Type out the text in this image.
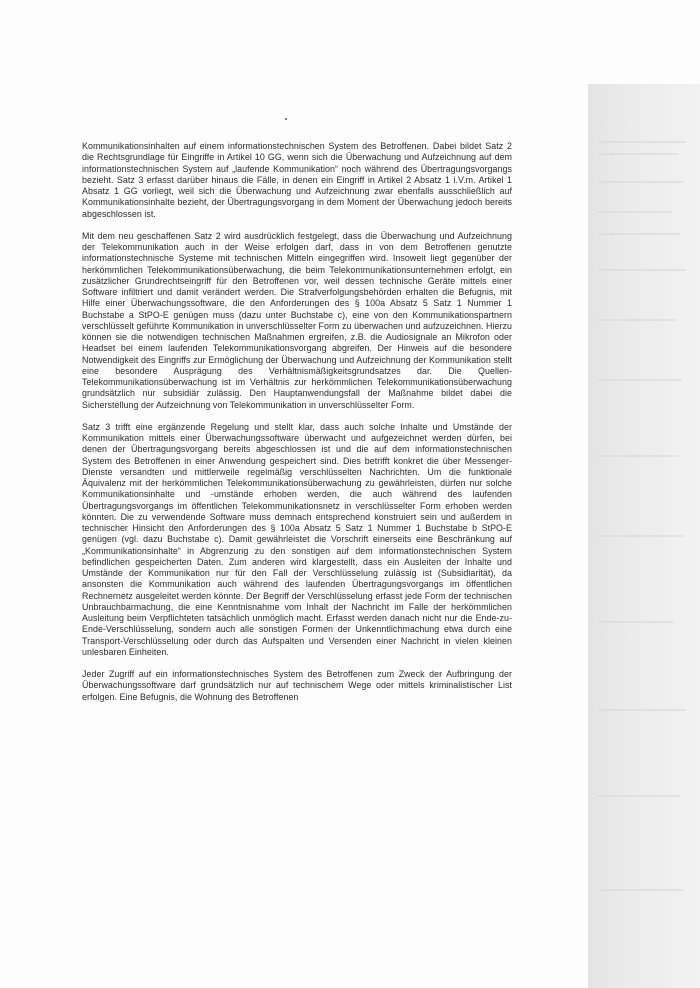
Kommunikationsinhalten auf einem informationstechnischen System des Betroffenen. Dabei bildet Satz 2 die Rechtsgrundlage für Eingriffe in Artikel 10 GG, wenn sich die Überwachung und Aufzeichnung auf dem informationstechnischen System auf „laufende Kommunikation“ noch während des Übertragungsvorgangs bezieht. Satz 3 erfasst darüber hinaus die Fälle, in denen ein Eingriff in Artikel 2 Absatz 1 i.V.m. Artikel 1 Absatz 1 GG vorliegt, weil sich die Überwachung und Aufzeichnung zwar ebenfalls ausschließlich auf Kommunikationsinhalte bezieht, der Übertragungsvorgang in dem Moment der Überwachung jedoch bereits abgeschlossen ist.

Mit dem neu geschaffenen Satz 2 wird ausdrücklich festgelegt, dass die Überwachung und Aufzeichnung der Telekommunikation auch in der Weise erfolgen darf, dass in von dem Betroffenen genutzte informationstechnische Systeme mit technischen Mitteln eingegriffen wird. Insoweit liegt gegenüber der herkömmlichen Telekommunikationsüberwachung, die beim Telekommunikationsunternehmen erfolgt, ein zusätzlicher Grundrechtseingriff für den Betroffenen vor, weil dessen technische Geräte mittels einer Software infiltriert und damit verändert werden. Die Strafverfolgungsbehörden erhalten die Befugnis, mit Hilfe einer Überwachungssoftware, die den Anforderungen des § 100a Absatz 5 Satz 1 Nummer 1 Buchstabe a StPO-E genügen muss (dazu unter Buchstabe c), eine von den Kommunikationspartnern verschlüsselt geführte Kommunikation in unverschlüsselter Form zu überwachen und aufzuzeichnen. Hierzu können sie die notwendigen technischen Maßnahmen ergreifen, z.B. die Audiosignale an Mikrofon oder Headset bei einem laufenden Telekommunikationsvorgang abgreifen. Der Hinweis auf die besondere Notwendigkeit des Eingriffs zur Ermöglichung der Überwachung und Aufzeichnung der Kommunikation stellt eine besondere Ausprägung des Verhältnismäßigkeitsgrundsatzes dar. Die Quellen-Telekommunikationsüberwachung ist im Verhältnis zur herkömmlichen Telekommunikationsüberwachung grundsätzlich nur subsidiär zulässig. Den Hauptanwendungsfall der Maßnahme bildet dabei die Sicherstellung der Aufzeichnung von Telekommunikation in unverschlüsselter Form.

Satz 3 trifft eine ergänzende Regelung und stellt klar, dass auch solche Inhalte und Umstände der Kommunikation mittels einer Überwachungssoftware überwacht und aufgezeichnet werden dürfen, bei denen der Übertragungsvorgang bereits abgeschlossen ist und die auf dem informationstechnischen System des Betroffenen in einer Anwendung gespeichert sind. Dies betrifft konkret die über Messenger-Dienste versandten und mittlerweile regelmäßig verschlüsselten Nachrichten. Um die funktionale Äquivalenz mit der herkömmlichen Telekommunikationsüberwachung zu gewährleisten, dürfen nur solche Kommunikationsinhalte und -umstände erhoben werden, die auch während des laufenden Übertragungsvorgangs im öffentlichen Telekommunikationsnetz in verschlüsselter Form erhoben werden könnten. Die zu verwendende Software muss demnach entsprechend konstruiert sein und außerdem in technischer Hinsicht den Anforderungen des § 100a Absatz 5 Satz 1 Nummer 1 Buchstabe b StPO-E genügen (vgl. dazu Buchstabe c). Damit gewährleistet die Vorschrift einerseits eine Beschränkung auf „Kommunikationsinhalte“ in Abgrenzung zu den sonstigen auf dem informationstechnischen System befindlichen gespeicherten Daten. Zum anderen wird klargestellt, dass ein Ausleiten der Inhalte und Umstände der Kommunikation nur für den Fall der Verschlüsselung zulässig ist (Subsidiarität), da ansonsten die Kommunikation auch während des laufenden Übertragungsvorgangs im öffentlichen Rechnernetz ausgeleitet werden könnte. Der Begriff der Verschlüsselung erfasst jede Form der technischen Unbrauchbarmachung, die eine Kenntnisnahme vom Inhalt der Nachricht im Falle der herkömmlichen Ausleitung beim Verpflichteten tatsächlich unmöglich macht. Erfasst werden danach nicht nur die Ende-zu-Ende-Verschlüsselung, sondern auch alle sonstigen Formen der Unkenntlichmachung etwa durch eine Transport-Verschlüsselung oder durch das Aufspalten und Versenden einer Nachricht in vielen kleinen unlesbaren Einheiten.

Jeder Zugriff auf ein informationstechnisches System des Betroffenen zum Zweck der Aufbringung der Überwachungssoftware darf grundsätzlich nur auf technischem Wege oder mittels kriminalistischer List erfolgen. Eine Befugnis, die Wohnung des Betroffenen
